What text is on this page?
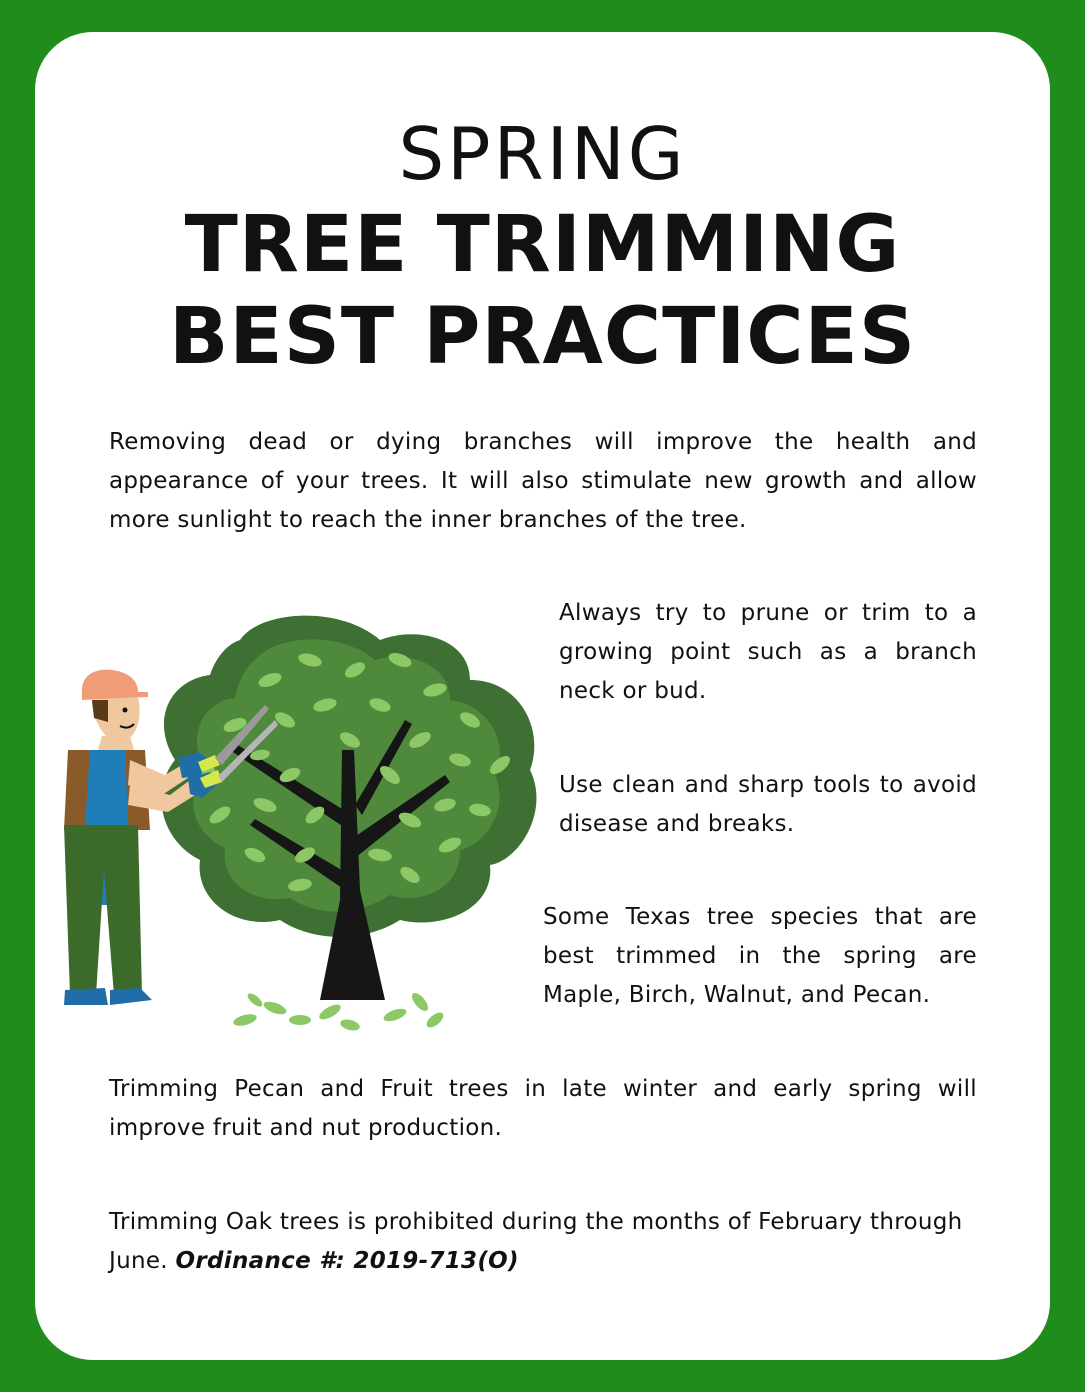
SPRING
TREE TRIMMING
BEST PRACTICES

Removing dead or dying branches will improve the health and appearance of your trees. It will also stimulate new growth and allow more sunlight to reach the inner branches of the tree.

Always try to prune or trim to a growing point such as a branch neck or bud.

Use clean and sharp tools to avoid disease and breaks.

Some Texas tree species that are best trimmed in the spring are Maple, Birch, Walnut, and Pecan.

Trimming Pecan and Fruit trees in late winter and early spring will improve fruit and nut production.

Trimming Oak trees is prohibited during the months of February through June. Ordinance #: 2019-713(O)
